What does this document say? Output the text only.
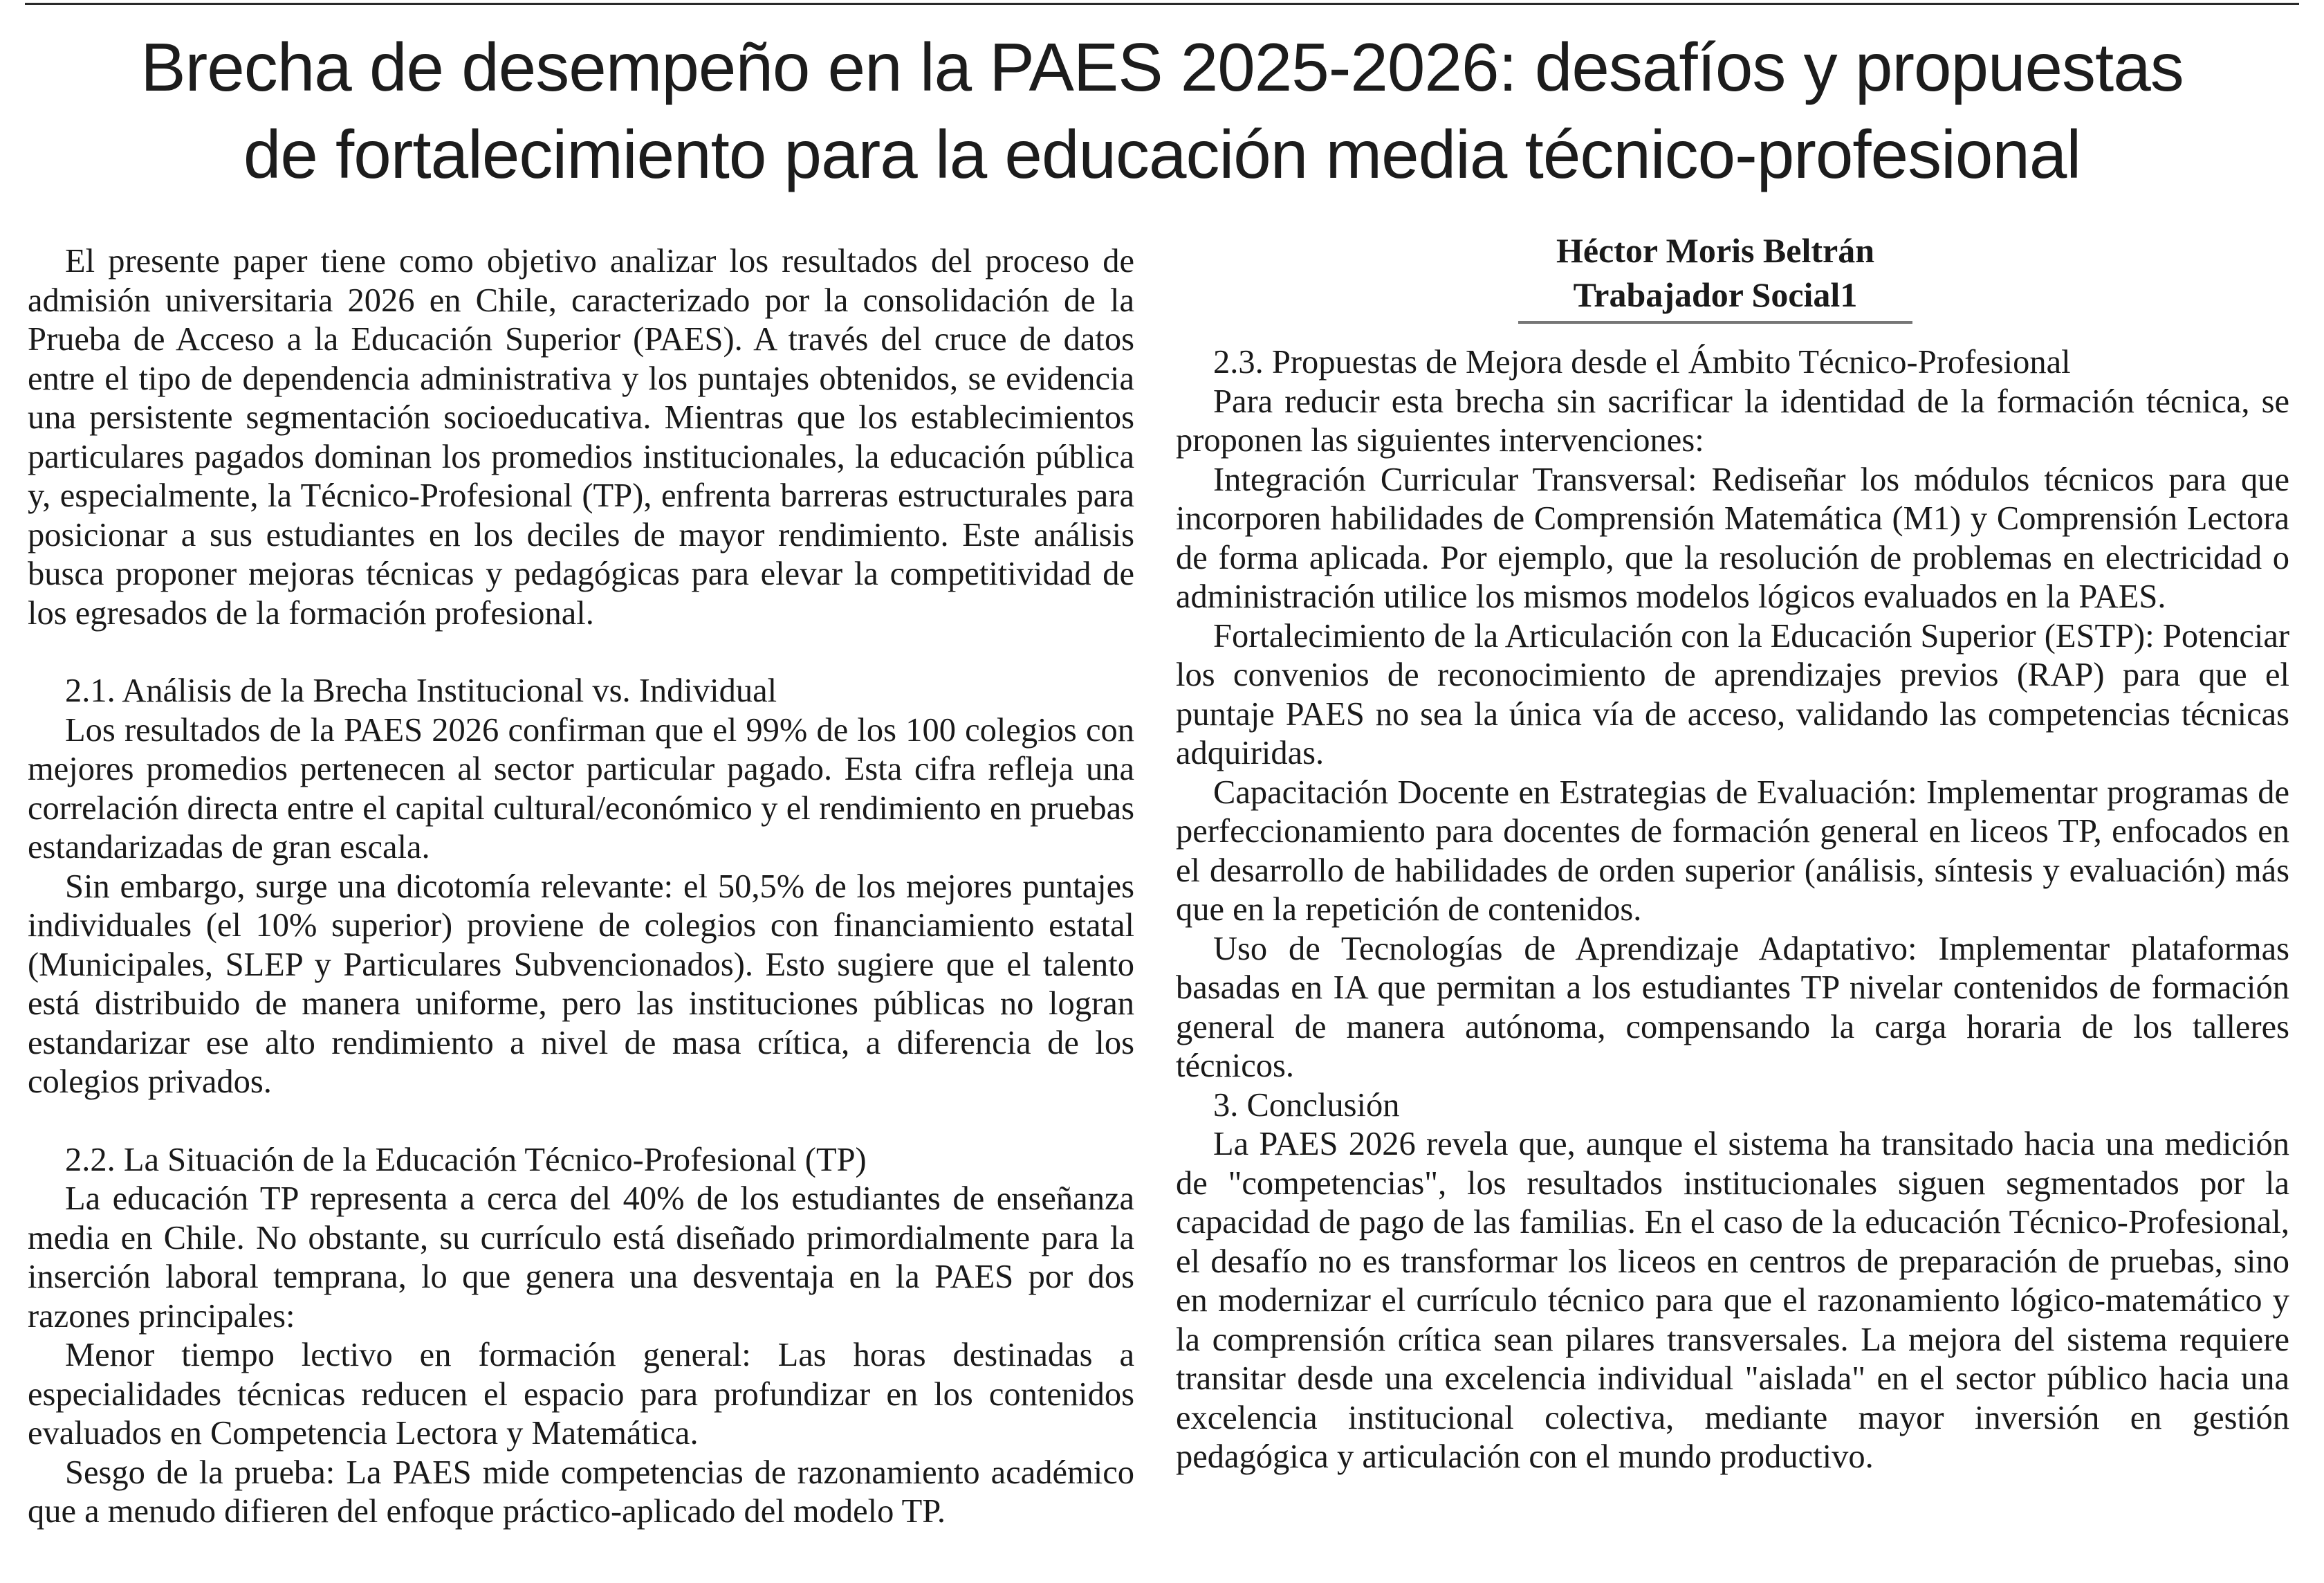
Brecha de desempeño en la PAES 2025-2026: desafíos y propuestas
de fortalecimiento para la educación media técnico-profesional

El presente paper tiene como objetivo analizar los resultados del proceso de admisión universitaria 2026 en Chile, caracterizado por la consolidación de la Prueba de Acceso a la Educación Superior (PAES). A través del cruce de datos entre el tipo de dependencia administrativa y los puntajes obtenidos, se evidencia una persistente segmentación socioeducativa. Mientras que los establecimientos particulares pagados dominan los promedios institucionales, la educación pública y, especialmente, la Técnico-Profesional (TP), enfrenta barreras estructurales para posicionar a sus estudiantes en los deciles de mayor rendimiento. Este análisis busca proponer mejoras técnicas y pedagógicas para elevar la competitividad de los egresados de la formación profesional.

2.1. Análisis de la Brecha Institucional vs. Individual

Los resultados de la PAES 2026 confirman que el 99% de los 100 colegios con mejores promedios pertenecen al sector particular pagado. Esta cifra refleja una correlación directa entre el capital cultural/económico y el rendimiento en pruebas estandarizadas de gran escala.

Sin embargo, surge una dicotomía relevante: el 50,5% de los mejores puntajes individuales (el 10% superior) proviene de colegios con financiamiento estatal (Municipales, SLEP y Particulares Subvencionados). Esto sugiere que el talento está distribuido de manera uniforme, pero las instituciones públicas no logran estandarizar ese alto rendimiento a nivel de masa crítica, a diferencia de los colegios privados.

2.2. La Situación de la Educación Técnico-Profesional (TP)

La educación TP representa a cerca del 40% de los estudiantes de enseñanza media en Chile. No obstante, su currículo está diseñado primordialmente para la inserción laboral temprana, lo que genera una desventaja en la PAES por dos razones principales:

Menor tiempo lectivo en formación general: Las horas destinadas a especialidades técnicas reducen el espacio para profundizar en los contenidos evaluados en Competencia Lectora y Matemática.

Sesgo de la prueba: La PAES mide competencias de razonamiento académico que a menudo difieren del enfoque práctico-aplicado del modelo TP.

Héctor Moris Beltrán
Trabajador Social1

2.3. Propuestas de Mejora desde el Ámbito Técnico-Profesional

Para reducir esta brecha sin sacrificar la identidad de la formación técnica, se proponen las siguientes intervenciones:

Integración Curricular Transversal: Rediseñar los módulos técnicos para que incorporen habilidades de Comprensión Matemática (M1) y Comprensión Lectora de forma aplicada. Por ejemplo, que la resolución de problemas en electricidad o administración utilice los mismos modelos lógicos evaluados en la PAES.

Fortalecimiento de la Articulación con la Educación Superior (ESTP): Potenciar los convenios de reconocimiento de aprendizajes previos (RAP) para que el puntaje PAES no sea la única vía de acceso, validando las competencias técnicas adquiridas.

Capacitación Docente en Estrategias de Evaluación: Implementar programas de perfeccionamiento para docentes de formación general en liceos TP, enfocados en el desarrollo de habilidades de orden superior (análisis, síntesis y evaluación) más que en la repetición de contenidos.

Uso de Tecnologías de Aprendizaje Adaptativo: Implementar plataformas basadas en IA que permitan a los estudiantes TP nivelar contenidos de formación general de manera autónoma, compensando la carga horaria de los talleres técnicos.

3. Conclusión

La PAES 2026 revela que, aunque el sistema ha transitado hacia una medición de "competencias", los resultados institucionales siguen segmentados por la capacidad de pago de las familias. En el caso de la educación Técnico-Profesional, el desafío no es transformar los liceos en centros de preparación de pruebas, sino en modernizar el currículo técnico para que el razonamiento lógico-matemático y la comprensión crítica sean pilares transversales. La mejora del sistema requiere transitar desde una excelencia individual "aislada" en el sector público hacia una excelencia institucional colectiva, mediante mayor inversión en gestión pedagógica y articulación con el mundo productivo.
